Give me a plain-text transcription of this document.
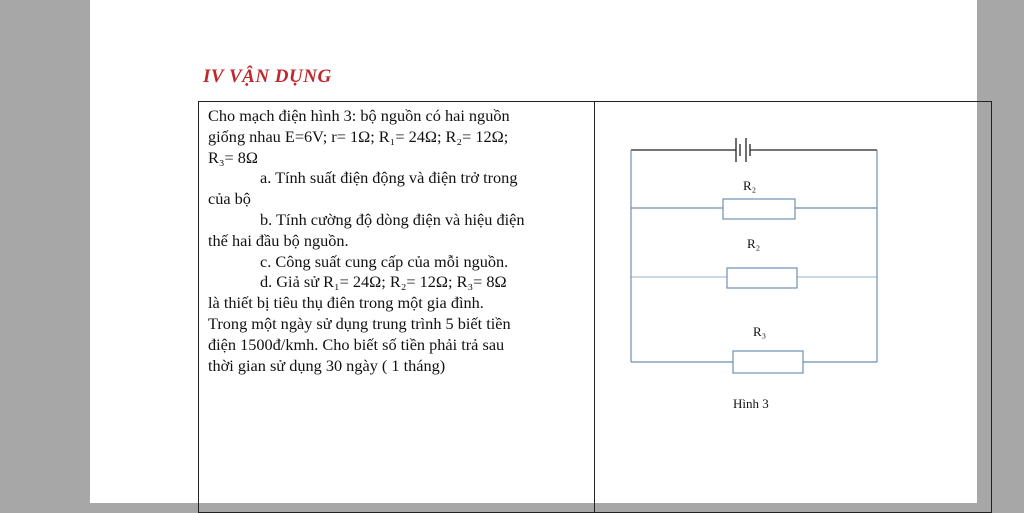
IV VẬN DỤNG

Cho mạch điện hình 3: bộ nguồn có hai nguồn

giống nhau E=6V; r= 1Ω; R₁= 24Ω; R₂= 12Ω;

R₃= 8Ω

a. Tính suất điện động và điện trở trong

của bộ

b. Tính cường độ dòng điện và hiệu điện

thế hai đầu bộ nguồn.

c. Công suất cung cấp của mỗi nguồn.

d. Giả sử R₁= 24Ω; R₂= 12Ω; R₃= 8Ω

là thiết bị tiêu thụ điên trong một gia đình.

Trong một ngày sử dụng trung trình 5 biết tiền

điện 1500đ/kmh. Cho biết số tiền phải trả sau

thời gian sử dụng 30 ngày ( 1 tháng)

R₂
R₂
R₃
Hình 3
